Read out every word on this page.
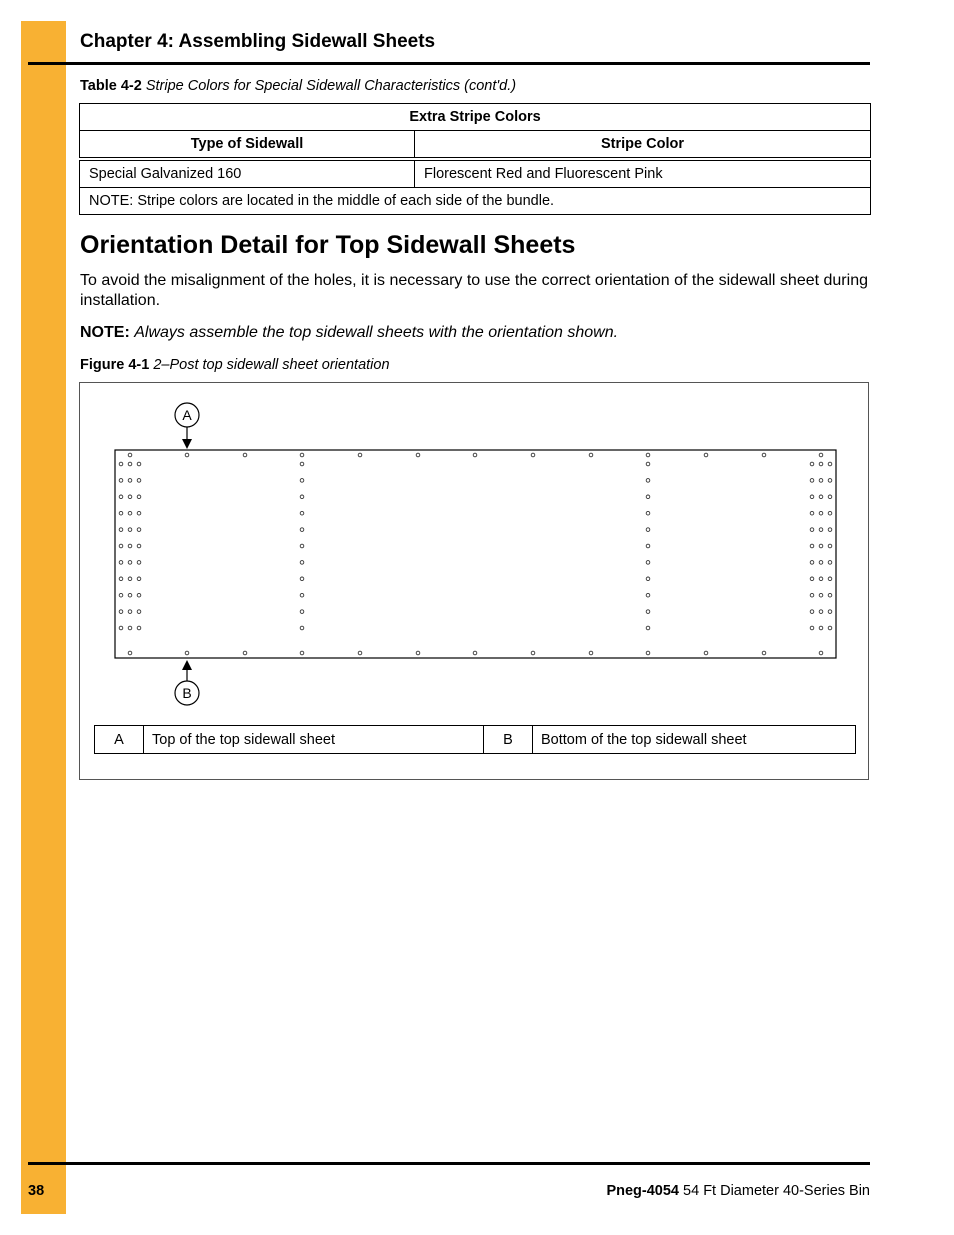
Chapter 4: Assembling Sidewall Sheets
Table 4-2 Stripe Colors for Special Sidewall Characteristics (cont'd.)
Extra Stripe Colors	
Type of Sidewall	Stripe Color
Special Galvanized 160	Florescent Red and Fluorescent Pink
NOTE: Stripe colors are located in the middle of each side of the bundle.	
Orientation Detail for Top Sidewall Sheets
To avoid the misalignment of the holes, it is necessary to use the correct orientation of the sidewall sheet during installation.
NOTE: Always assemble the top sidewall sheets with the orientation shown.
Figure 4-1 2–Post top sidewall sheet orientation
A
B
A	Top of the top sidewall sheet	B	Bottom of the top sidewall sheet
38	Pneg-4054 54 Ft Diameter 40-Series Bin
